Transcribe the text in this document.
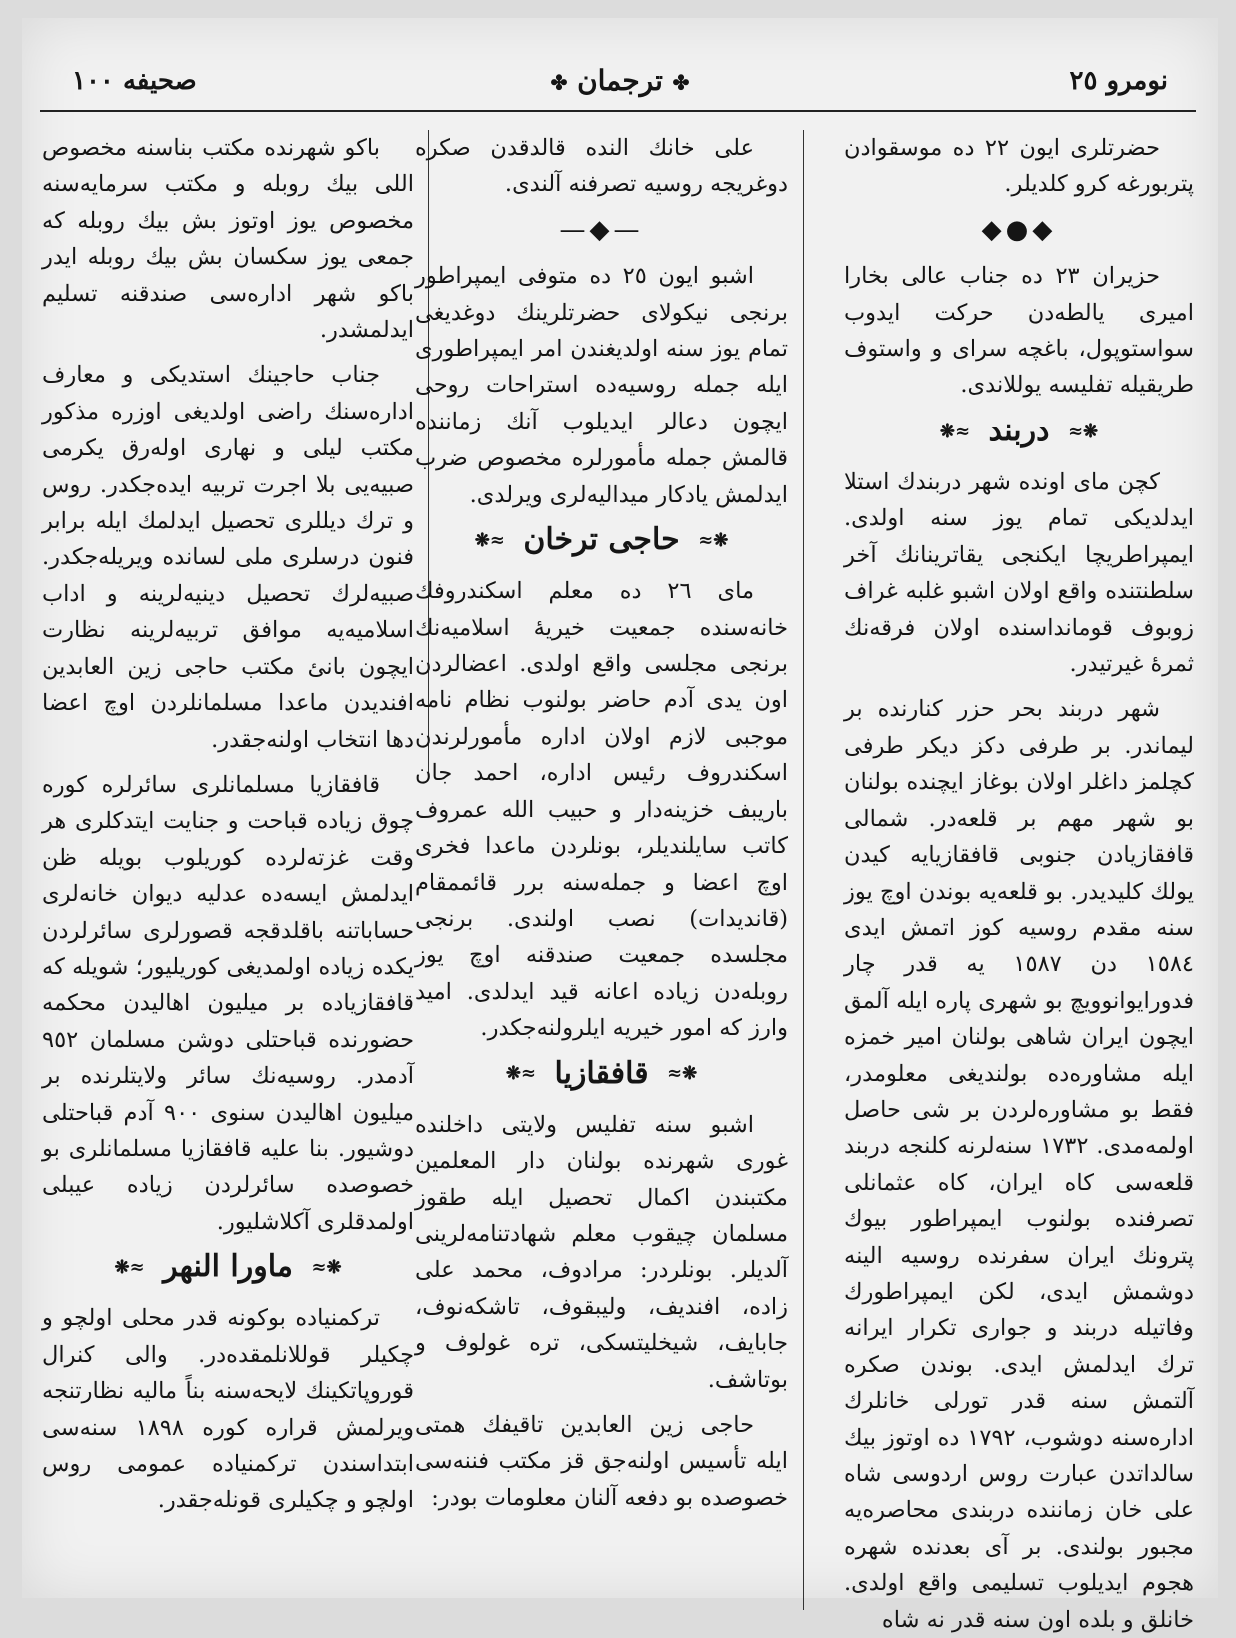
نومرو ٢٥
✤ ترجمان ✤
صحيفه ١٠٠

حضرتلری ايون ٢٢ ده موسقوادن پتربورغه كرو كلديلر.

◆●◆

حزيران ٢٣ ده جناب عالى بخارا اميرى يالطه‌دن حركت ايدوب سواستوپول، باغچه سراى و واستوف طريقيله تفليسه يوللاندى.

❋≈ دربند ≈❋

كچن ماى اونده شهر دربندك استلا ايدلديكى تمام يوز سنه اولدى. ايمپراطريچا ايكنجى يقاترينانك آخر سلطنتنده واقع اولان اشبو غلبه غراف زوبوف قومانداسنده اولان فرقه‌نك ثمرهٔ غيرتيدر.

شهر دربند بحر حزر كنارنده بر ليماندر. بر طرفى دكز ديكر طرفى كچلمز داغلر اولان بوغاز ايچنده بولنان بو شهر مهم بر قلعه‌در. شمالى قافقازيادن جنوبى قافقازيايه كيدن يولك كليديدر. بو قلعه‌يه بوندن اوچ يوز سنه مقدم روسيه كوز اتمش ايدى ١٥٨٤ دن ١٥٨٧ يه قدر چار فدورايوانوويچ بو شهرى پاره ايله آلمق ايچون ايران شاهى بولنان امير خمزه ايله مشاوره‌ده بولنديغى معلومدر، فقط بو مشاوره‌لردن بر شى حاصل اولمه‌مدى. ١٧٣٢ سنه‌لرنه كلنجه دربند قلعه‌سى كاه ايران، كاه عثمانلى تصرفنده بولنوب ايمپراطور بيوك پترونك ايران سفرنده روسيه الينه دوشمش ايدى، لكن ايمپراطورك وفاتيله دربند و جوارى تكرار ايرانه ترك ايدلمش ايدى. بوندن صكره آلتمش سنه قدر تورلى خانلرك اداره‌سنه دوشوب، ١٧٩٢ ده اوتوز بيك سالداتدن عبارت روس اردوسى شاه على خان زماننده دربندى محاصره‌يه مجبور بولندى. بر آى بعدنده شهره هجوم ايديلوب تسليمى واقع اولدى. خانلق و بلده اون سنه قدر نه شاه

على خانك النده قالدقدن صكره دوغريجه روسيه تصرفنه آلندى.

—◆—

اشبو ايون ٢٥ ده متوفى ايمپراطور برنجى نيكولاى حضرتلرينك دوغديغى تمام يوز سنه اولديغندن امر ايمپراطورى ايله جمله روسيه‌ده استراحات روحى ايچون دعالر ايديلوب آنك زماننده قالمش جمله مأمورلره مخصوص ضرب ايدلمش يادكار ميداليه‌لرى ويرلدى.

❋≈ حاجى ترخان ≈❋

ماى ٢٦ ده معلم اسكندروفك خانه‌سنده جمعيت خيريهٔ اسلاميه‌نك برنجى مجلسى واقع اولدى. اعضالردن اون يدى آدم حاضر بولنوب نظام نامه موجبى لازم اولان اداره مأمورلرندن اسكندروف رئيس اداره، احمد جان باريبف خزينه‌دار و حبيب الله عمروف كاتب سايلنديلر، بونلردن ماعدا فخرى اوچ اعضا و جمله‌سنه برر قائممقام (قانديدات) نصب اولندى. برنجى مجلسده جمعيت صندقنه اوچ يوز روبله‌دن زياده اعانه قيد ايدلدى. اميد وارز كه امور خيريه ايلرولنه‌جكدر.

❋≈ قافقازيا ≈❋

اشبو سنه تفليس ولايتى داخلنده غورى شهرنده بولنان دار المعلمين مكتبندن اكمال تحصيل ايله طقوز مسلمان چيقوب معلم شهادتنامه‌لرينى آلديلر. بونلردر: مرادوف، محمد على زاده، افنديف، وليبقوف، تاشكه‌نوف، جابايف، شيخليتسكى، تره غولوف و بوتاشف.

حاجى زين العابدين تاقيفك همتى ايله تأسيس اولنه‌جق قز مكتب فننه‌سى خصوصده بو دفعه آلنان معلومات بودر:

باكو شهرنده مكتب بناسنه مخصوص اللى بيك روبله و مكتب سرمايه‌سنه مخصوص يوز اوتوز بش بيك روبله كه جمعى يوز سكسان بش بيك روبله ايدر باكو شهر اداره‌سى صندقنه تسليم ايدلمشدر.

جناب حاجينك استديكى و معارف اداره‌سنك راضى اولديغى اوزره مذكور مكتب ليلى و نهارى اوله‌رق يكرمى صبيه‌يى بلا اجرت تربيه ايده‌جكدر. روس و ترك ديللرى تحصيل ايدلمك ايله برابر فنون درسلرى ملى لسانده ويريله‌جكدر. صبيه‌لرك تحصيل دينيه‌لرينه و اداب اسلاميه‌يه موافق تربيه‌لرينه نظارت ايچون بانئ مكتب حاجى زين العابدين افنديدن ماعدا مسلمانلردن اوچ اعضا دها انتخاب اولنه‌جقدر.

قافقازيا مسلمانلرى سائرلره كوره چوق زياده قباحت و جنايت ايتدكلرى هر وقت غزته‌لرده كوريلوب بويله ظن ايدلمش ايسه‌ده عدليه ديوان خانه‌لرى حساباتنه باقلدقجه قصورلرى سائرلردن يكده زياده اولمديغى كوريليور؛ شويله كه قافقازياده بر ميليون اهاليدن محكمه حضورنده قباحتلى دوشن مسلمان ٩٥٢ آدمدر. روسيه‌نك سائر ولايتلرنده بر ميليون اهاليدن سنوى ٩٠٠ آدم قباحتلى دوشيور. بنا عليه قافقازيا مسلمانلرى بو خصوصده سائرلردن زياده عيبلى اولمدقلرى آكلاشليور.

❋≈ ماورا النهر ≈❋

تركمنياده بوكونه قدر محلى اولچو و چكيلر قوللانلمقده‌در. والى كنرال قوروپاتكينك لايحه‌سنه بناً ماليه نظارتنجه ويرلمش قراره كوره ١٨٩٨ سنه‌سى ابتداسندن تركمنياده عمومى روس اولچو و چكيلرى قونله‌جقدر.
